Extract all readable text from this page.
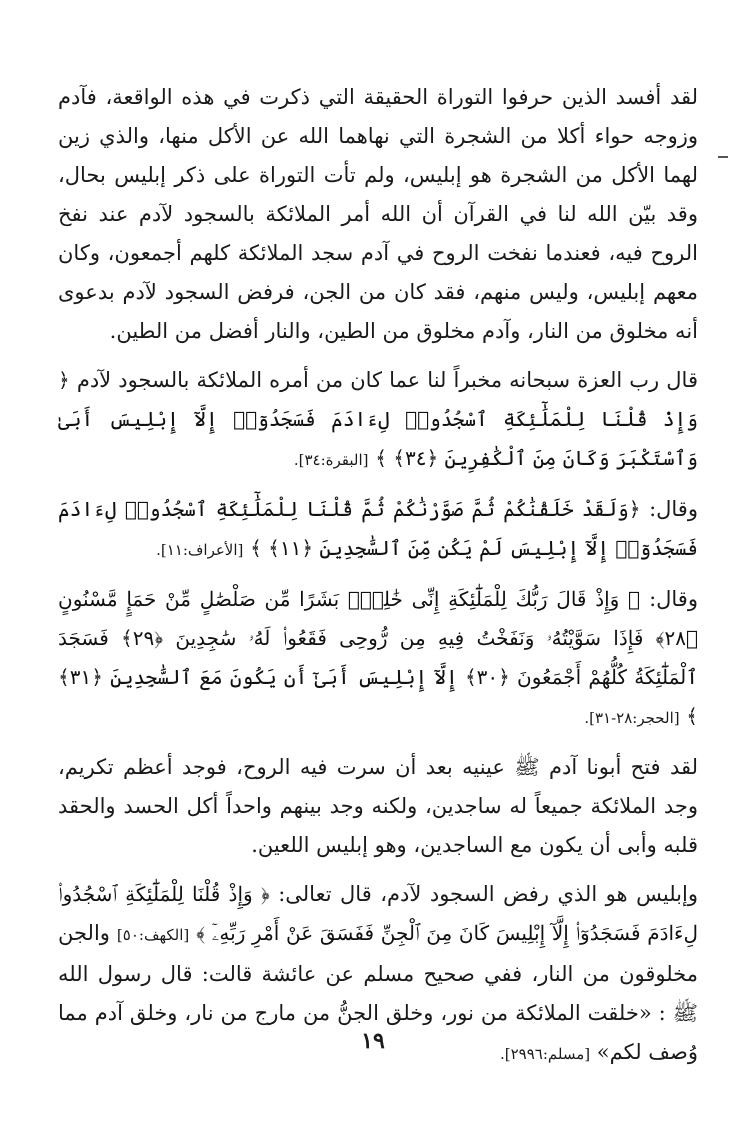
لقد أفسد الذين حرفوا التوراة الحقيقة التي ذكرت في هذه الواقعة، فآدم وزوجه حواء أكلا من الشجرة التي نهاهما الله عن الأكل منها، والذي زين لهما الأكل من الشجرة هو إبليس، ولم تأت التوراة على ذكر إبليس بحال، وقد بيّن الله لنا في القرآن أن الله أمر الملائكة بالسجود لآدم عند نفخ الروح فيه، فعندما نفخت الروح في آدم سجد الملائكة كلهم أجمعون، وكان معهم إبليس، وليس منهم، فقد كان من الجن، فرفض السجود لآدم بدعوى أنه مخلوق من النار، وآدم مخلوق من الطين، والنار أفضل من الطين.

قال رب العزة سبحانه مخبراً لنا عما كان من أمره الملائكة بالسجود لآدم ﴿ وَإِذْ قُلْنَا لِلْمَلَٰٓئِكَةِ ٱسْجُدُوا۟ لِءَادَمَ فَسَجَدُوٓا۟ إِلَّآ إِبْلِيسَ أَبَىٰ وَٱسْتَكْبَرَ وَكَانَ مِنَ ٱلْكَٰفِرِينَ ﴿٣٤﴾ ﴾ [البقرة:٣٤].

وقال: ﴿وَلَقَدْ خَلَقْنَٰكُمْ ثُمَّ صَوَّرْنَٰكُمْ ثُمَّ قُلْنَا لِلْمَلَٰٓئِكَةِ ٱسْجُدُوا۟ لِءَادَمَ فَسَجَدُوٓا۟ إِلَّآ إِبْلِيسَ لَمْ يَكُن مِّنَ ٱلسَّٰجِدِينَ ﴿١١﴾ ﴾ [الأعراف:١١].

وقال: ﴿ وَإِذْ قَالَ رَبُّكَ لِلْمَلَٰٓئِكَةِ إِنِّى خَٰلِقٌۢ بَشَرًا مِّن صَلْصَٰلٍ مِّنْ حَمَإٍ مَّسْنُونٍ ﴿٢٨﴾ فَإِذَا سَوَّيْتُهُۥ وَنَفَخْتُ فِيهِ مِن رُّوحِى فَقَعُوا۟ لَهُۥ سَٰجِدِينَ ﴿٢٩﴾ فَسَجَدَ ٱلْمَلَٰٓئِكَةُ كُلُّهُمْ أَجْمَعُونَ ﴿٣٠﴾ إِلَّآ إِبْلِيسَ أَبَىٰٓ أَن يَكُونَ مَعَ ٱلسَّٰجِدِينَ ﴿٣١﴾ ﴾ [الحجر:٢٨-٣١].

لقد فتح أبونا آدم ﷺ عينيه بعد أن سرت فيه الروح، فوجد أعظم تكريم، وجد الملائكة جميعاً له ساجدين، ولكنه وجد بينهم واحداً أكل الحسد والحقد قلبه وأبى أن يكون مع الساجدين، وهو إبليس اللعين.

وإبليس هو الذي رفض السجود لآدم، قال تعالى: ﴿ وَإِذْ قُلْنَا لِلْمَلَٰٓئِكَةِ ٱسْجُدُوا۟ لِءَادَمَ فَسَجَدُوٓا۟ إِلَّآ إِبْلِيسَ كَانَ مِنَ ٱلْجِنِّ فَفَسَقَ عَنْ أَمْرِ رَبِّهِۦٓ ﴾ [الكهف:٥٠] والجن مخلوقون من النار، ففي صحيح مسلم عن عائشة قالت: قال رسول الله ﷺ : «خلقت الملائكة من نور، وخلق الجنُّ من مارج من نار، وخلق آدم مما وُصف لكم» [مسلم:٢٩٩٦].

١٩
